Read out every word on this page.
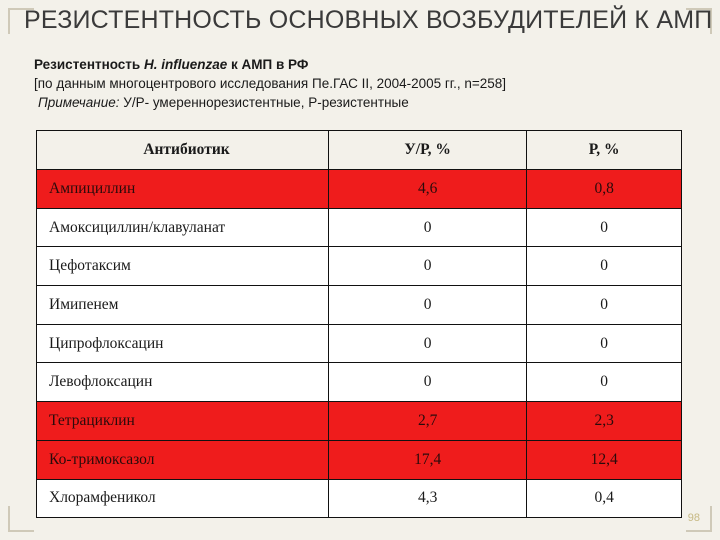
РЕЗИСТЕНТНОСТЬ ОСНОВНЫХ ВОЗБУДИТЕЛЕЙ К АМП
Резистентность H. influenzae к АМП в РФ
[по данным многоцентрового исследования Пе.ГАС II, 2004-2005 гг., n=258]
Примечание: У/Р- умереннорезистентные, Р-резистентные
Антибиотик	У/Р, %	Р, %
Ампициллин	4,6	0,8
Амоксициллин/клавуланат	0	0
Цефотаксим	0	0
Имипенем	0	0
Ципрофлоксацин	0	0
Левофлоксацин	0	0
Тетрациклин	2,7	2,3
Ко-тримоксазол	17,4	12,4
Хлорамфеникол	4,3	0,4
98
